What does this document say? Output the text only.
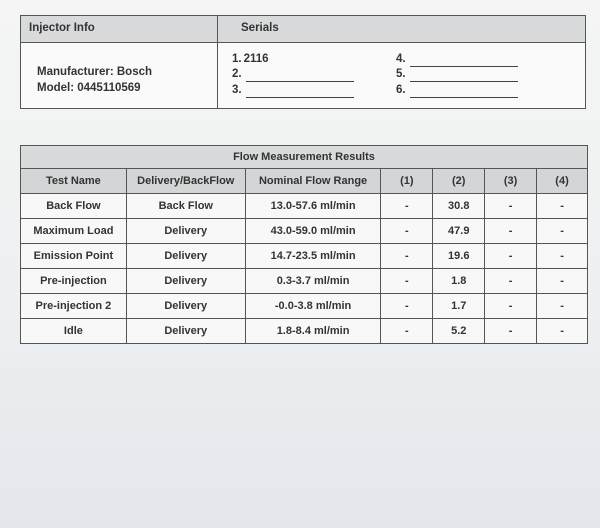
Injector Info	Serials
Manufacturer: Bosch
Model: 0445110569
1. 2116
2.
3.
4.
5.
6.
Flow Measurement Results						
Test Name	Delivery/BackFlow	Nominal Flow Range	(1)	(2)	(3)	(4)
Back Flow	Back Flow	13.0-57.6 ml/min	-	30.8	-	-
Maximum Load	Delivery	43.0-59.0 ml/min	-	47.9	-	-
Emission Point	Delivery	14.7-23.5 ml/min	-	19.6	-	-
Pre-injection	Delivery	0.3-3.7 ml/min	-	1.8	-	-
Pre-injection 2	Delivery	-0.0-3.8 ml/min	-	1.7	-	-
Idle	Delivery	1.8-8.4 ml/min	-	5.2	-	-
